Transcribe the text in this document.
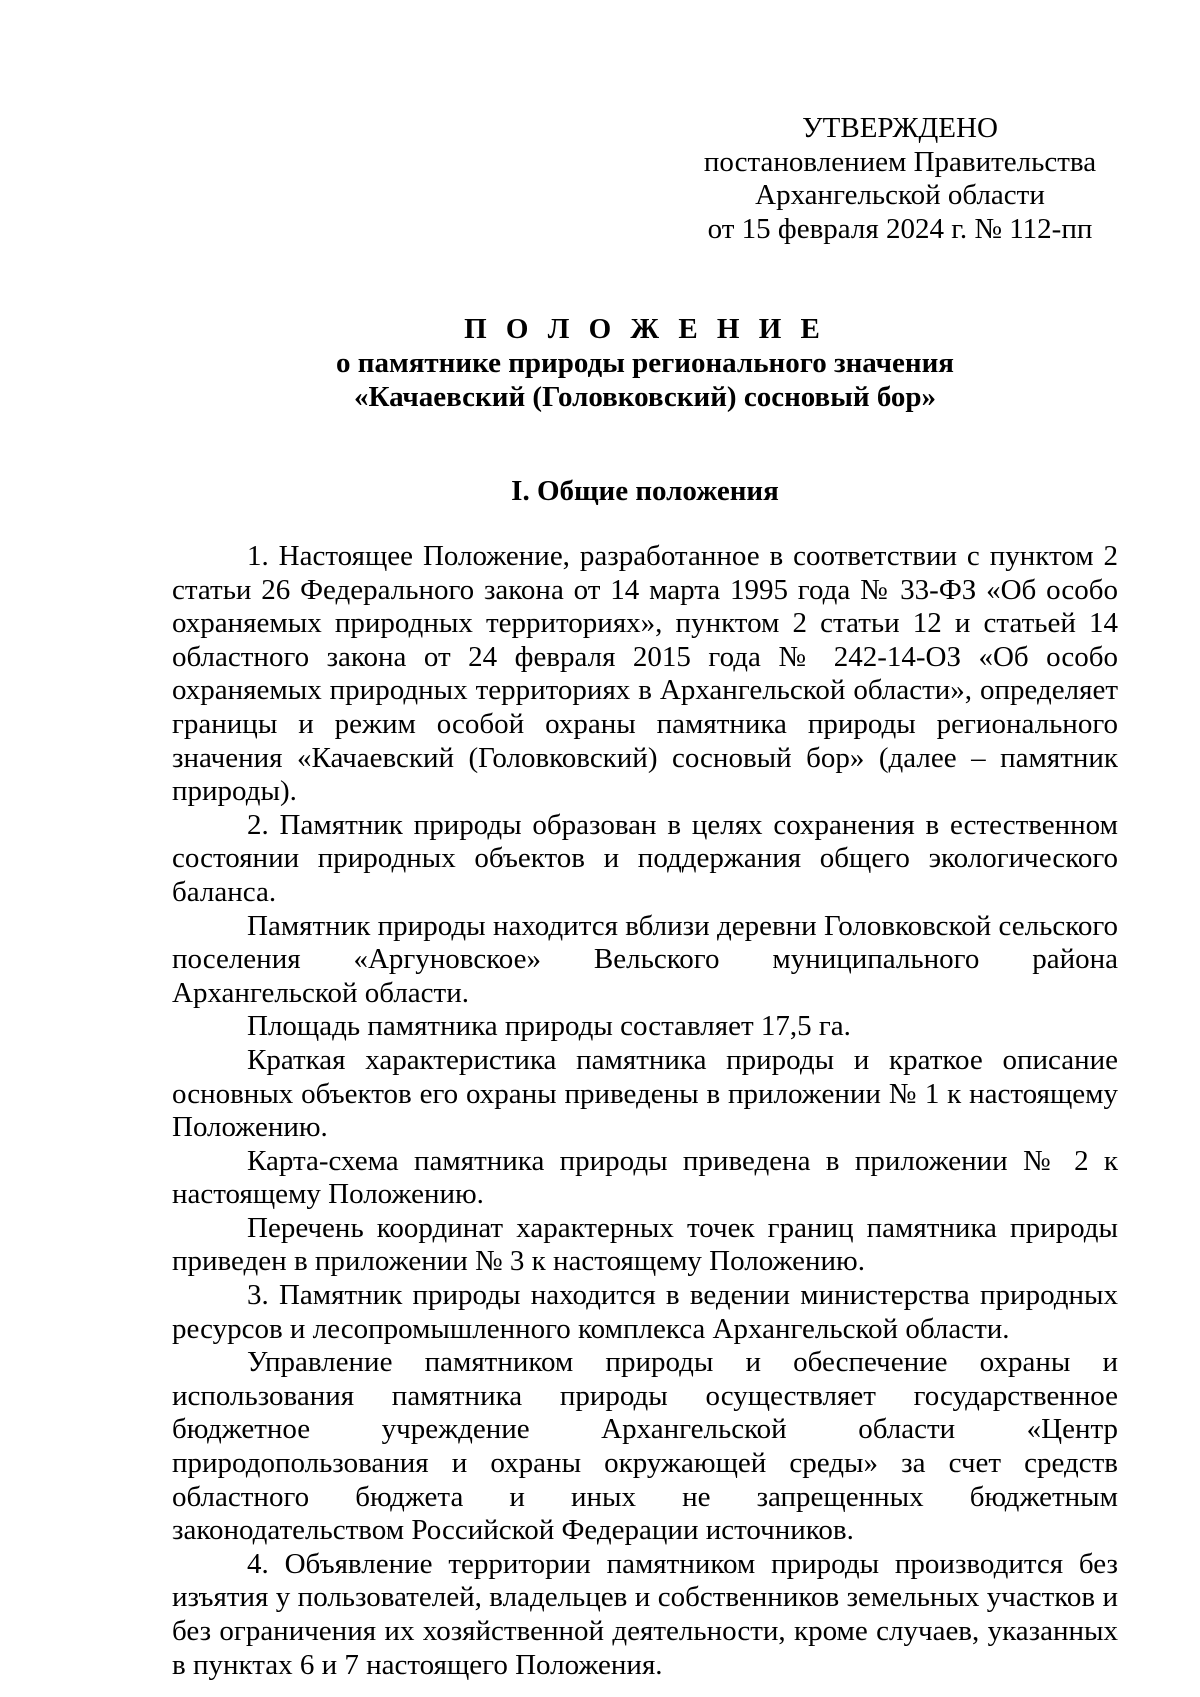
УТВЕРЖДЕНО
постановлением Правительства
Архангельской области
от 15 февраля 2024 г. № 112-пп
П О Л О Ж Е Н И Е
о памятнике природы регионального значения
«Качаевский (Головковский) сосновый бор»
I. Общие положения

1. Настоящее Положение, разработанное в соответствии с пунктом 2 статьи 26 Федерального закона от 14 марта 1995 года № 33-ФЗ «Об особо охраняемых природных территориях», пунктом 2 статьи 12 и статьей 14 областного закона от 24 февраля 2015 года № 242-14-ОЗ «Об особо охраняемых природных территориях в Архангельской области», определяет границы и режим особой охраны памятника природы регионального значения «Качаевский (Головковский) сосновый бор» (далее – памятник природы).

2. Памятник природы образован в целях сохранения в естественном состоянии природных объектов и поддержания общего экологического баланса.

Памятник природы находится вблизи деревни Головковской сельского поселения «Аргуновское» Вельского муниципального района Архангельской области.

Площадь памятника природы составляет 17,5 га.

Краткая характеристика памятника природы и краткое описание основных объектов его охраны приведены в приложении № 1 к настоящему Положению.

Карта-схема памятника природы приведена в приложении № 2 к настоящему Положению.

Перечень координат характерных точек границ памятника природы приведен в приложении № 3 к настоящему Положению.

3. Памятник природы находится в ведении министерства природных ресурсов и лесопромышленного комплекса Архангельской области.

Управление памятником природы и обеспечение охраны и использования памятника природы осуществляет государственное бюджетное учреждение Архангельской области «Центр природопользования и охраны окружающей среды» за счет средств областного бюджета и иных не запрещенных бюджетным законодательством Российской Федерации источников.

4. Объявление территории памятником природы производится без изъятия у пользователей, владельцев и собственников земельных участков и без ограничения их хозяйственной деятельности, кроме случаев, указанных в пунктах 6 и 7 настоящего Положения.
